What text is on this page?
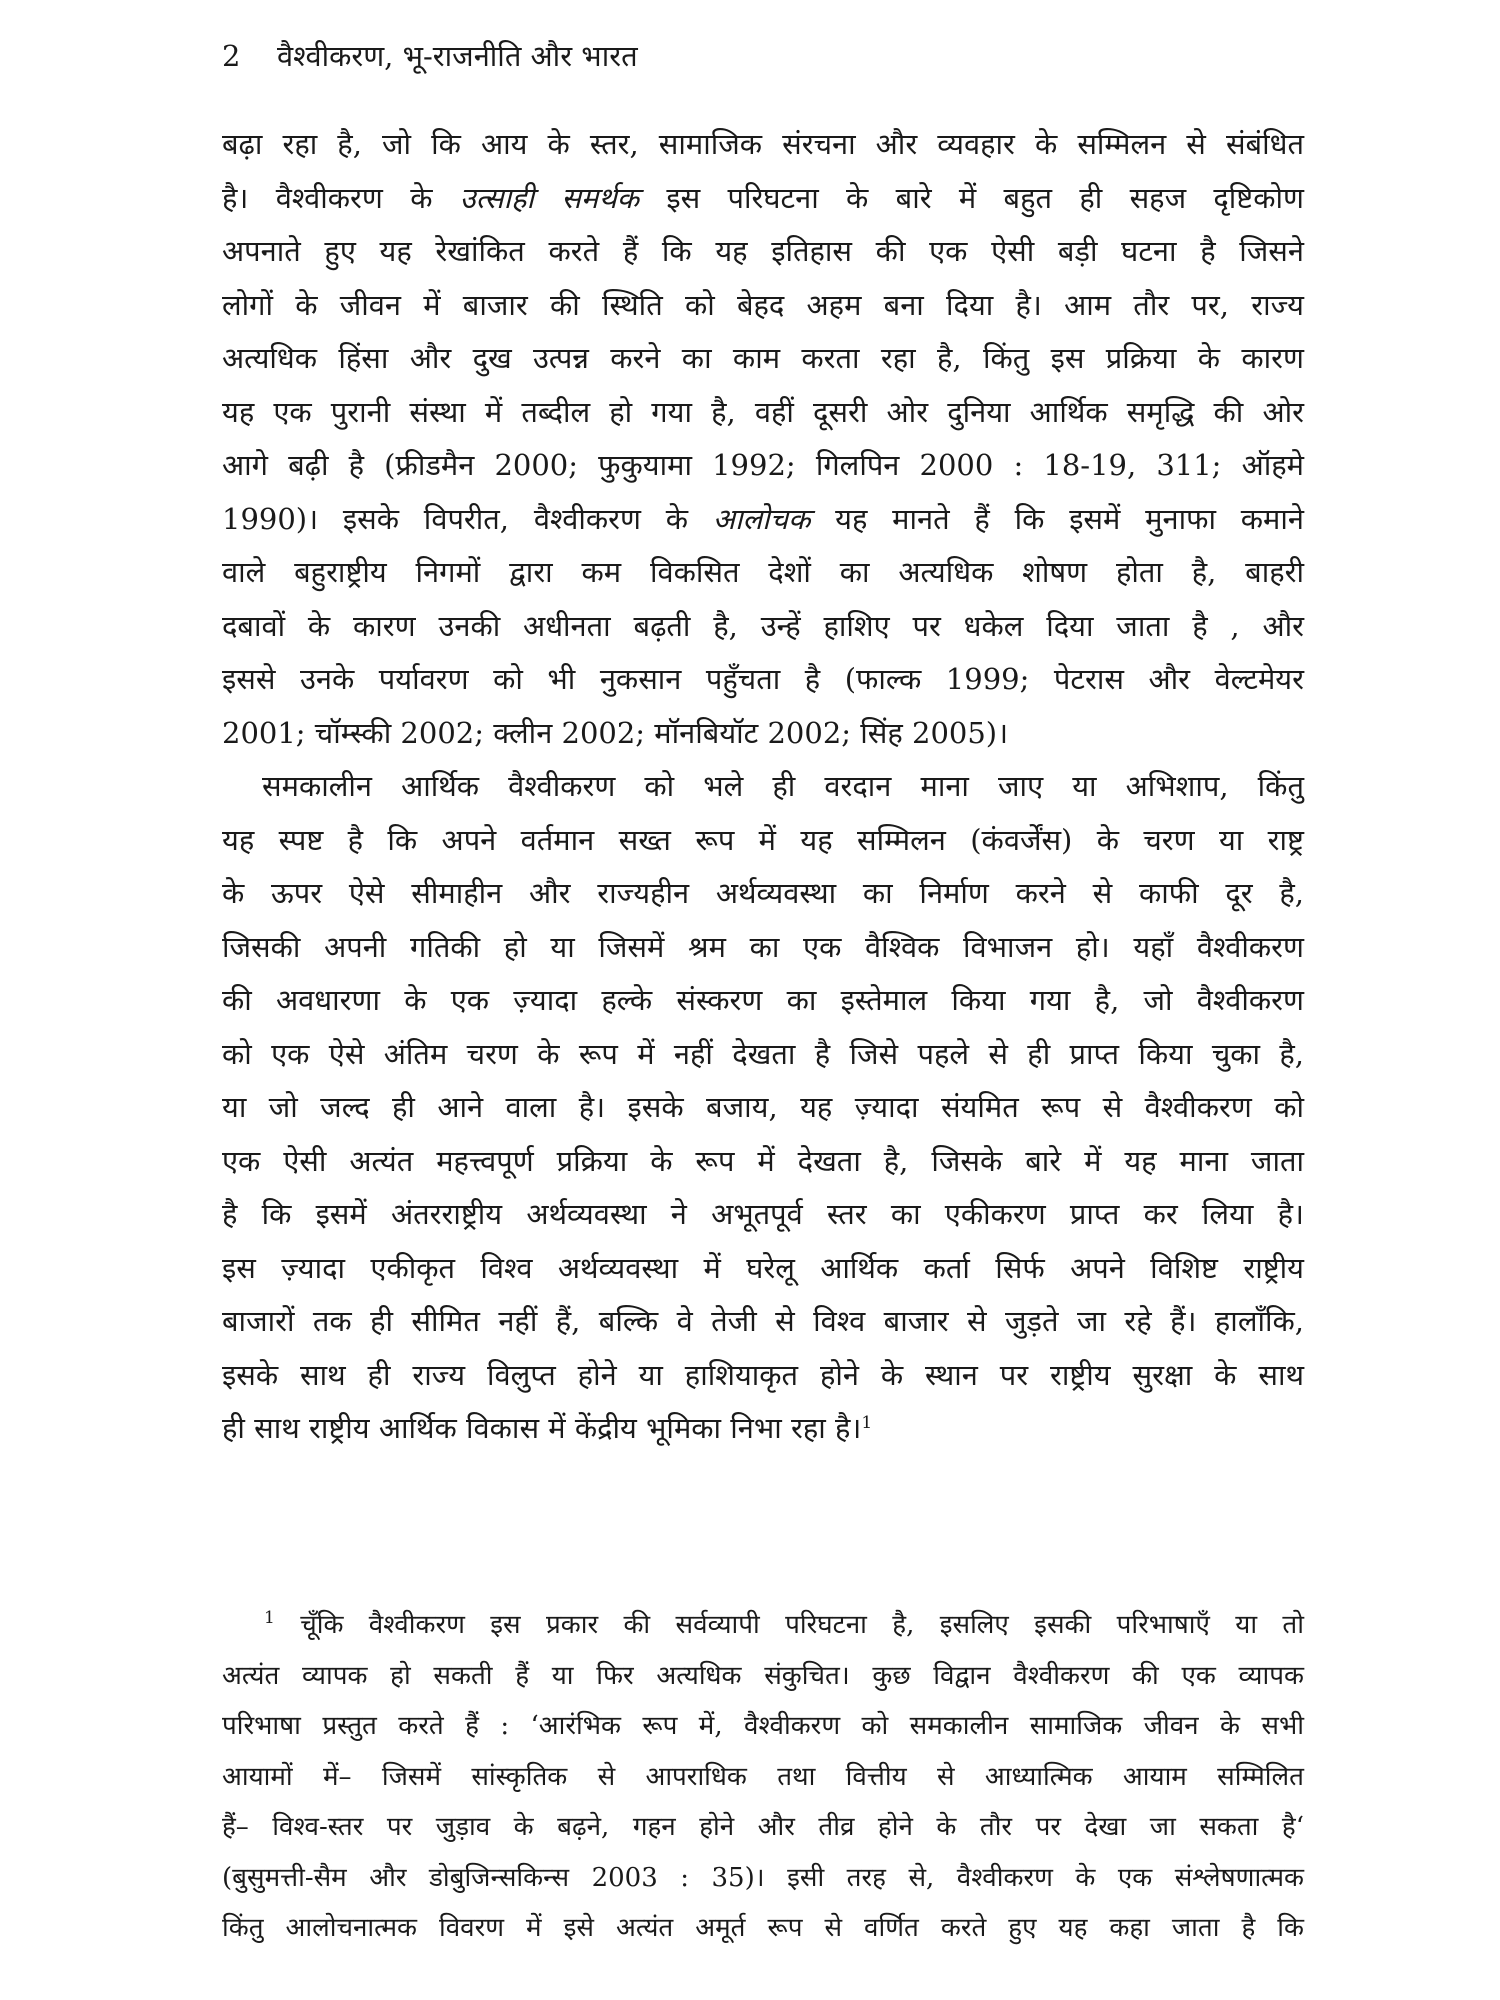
2 वैश्वीकरण, भू-राजनीति और भारत
बढ़ा रहा है, जो कि आय के स्तर, सामाजिक संरचना और व्यवहार के सम्मिलन से संबंधित
है। वैश्वीकरण के उत्साही समर्थक इस परिघटना के बारे में बहुत ही सहज दृष्टिकोण
अपनाते हुए यह रेखांकित करते हैं कि यह इतिहास की एक ऐसी बड़ी घटना है जिसने
लोगों के जीवन में बाजार की स्थिति को बेहद अहम बना दिया है। आम तौर पर, राज्य
अत्यधिक हिंसा और दुख उत्पन्न करने का काम करता रहा है, किंतु इस प्रक्रिया के कारण
यह एक पुरानी संस्था में तब्दील हो गया है, वहीं दूसरी ओर दुनिया आर्थिक समृद्धि की ओर
आगे बढ़ी है (फ्रीडमैन 2000; फुकुयामा 1992; गिलपिन 2000 : 18-19, 311; ऑहमे
1990)। इसके विपरीत, वैश्वीकरण के आलोचक यह मानते हैं कि इसमें मुनाफा कमाने
वाले बहुराष्ट्रीय निगमों द्वारा कम विकसित देशों का अत्यधिक शोषण होता है, बाहरी
दबावों के कारण उनकी अधीनता बढ़ती है, उन्हें हाशिए पर धकेल दिया जाता है , और
इससे उनके पर्यावरण को भी नुकसान पहुँचता है (फाल्क 1999; पेटरास और वेल्टमेयर
2001; चॉम्स्की 2002; क्लीन 2002; मॉनबियॉट 2002; सिंह 2005)।
समकालीन आर्थिक वैश्वीकरण को भले ही वरदान माना जाए या अभिशाप, किंतु
यह स्पष्ट है कि अपने वर्तमान सख्त रूप में यह सम्मिलन (कंवर्जेंस) के चरण या राष्ट्र
के ऊपर ऐसे सीमाहीन और राज्यहीन अर्थव्यवस्था का निर्माण करने से काफी दूर है,
जिसकी अपनी गतिकी हो या जिसमें श्रम का एक वैश्विक विभाजन हो। यहाँ वैश्वीकरण
की अवधारणा के एक ज़्यादा हल्के संस्करण का इस्तेमाल किया गया है, जो वैश्वीकरण
को एक ऐसे अंतिम चरण के रूप में नहीं देखता है जिसे पहले से ही प्राप्त किया चुका है,
या जो जल्द ही आने वाला है। इसके बजाय, यह ज़्यादा संयमित रूप से वैश्वीकरण को
एक ऐसी अत्यंत महत्त्वपूर्ण प्रक्रिया के रूप में देखता है, जिसके बारे में यह माना जाता
है कि इसमें अंतरराष्ट्रीय अर्थव्यवस्था ने अभूतपूर्व स्तर का एकीकरण प्राप्त कर लिया है।
इस ज़्यादा एकीकृत विश्व अर्थव्यवस्था में घरेलू आर्थिक कर्ता सिर्फ अपने विशिष्ट राष्ट्रीय
बाजारों तक ही सीमित नहीं हैं, बल्कि वे तेजी से विश्व बाजार से जुड़ते जा रहे हैं। हालाँकि,
इसके साथ ही राज्य विलुप्त होने या हाशियाकृत होने के स्थान पर राष्ट्रीय सुरक्षा के साथ
ही साथ राष्ट्रीय आर्थिक विकास में केंद्रीय भूमिका निभा रहा है।$^1$
$^1$ चूँकि वैश्वीकरण इस प्रकार की सर्वव्यापी परिघटना है, इसलिए इसकी परिभाषाएँ या तो
अत्यंत व्यापक हो सकती हैं या फिर अत्यधिक संकुचित। कुछ विद्वान वैश्वीकरण की एक व्यापक
परिभाषा प्रस्तुत करते हैं : ‘आरंभिक रूप में, वैश्वीकरण को समकालीन सामाजिक जीवन के सभी
आयामों में– जिसमें सांस्कृतिक से आपराधिक तथा वित्तीय से आध्यात्मिक आयाम सम्मिलित
हैं– विश्व-स्तर पर जुड़ाव के बढ़ने, गहन होने और तीव्र होने के तौर पर देखा जा सकता है‘
(बुसुमत्ती-सैम और डोबुजिन्सकिन्स 2003 : 35)। इसी तरह से, वैश्वीकरण के एक संश्लेषणात्मक
किंतु आलोचनात्मक विवरण में इसे अत्यंत अमूर्त रूप से वर्णित करते हुए यह कहा जाता है कि
